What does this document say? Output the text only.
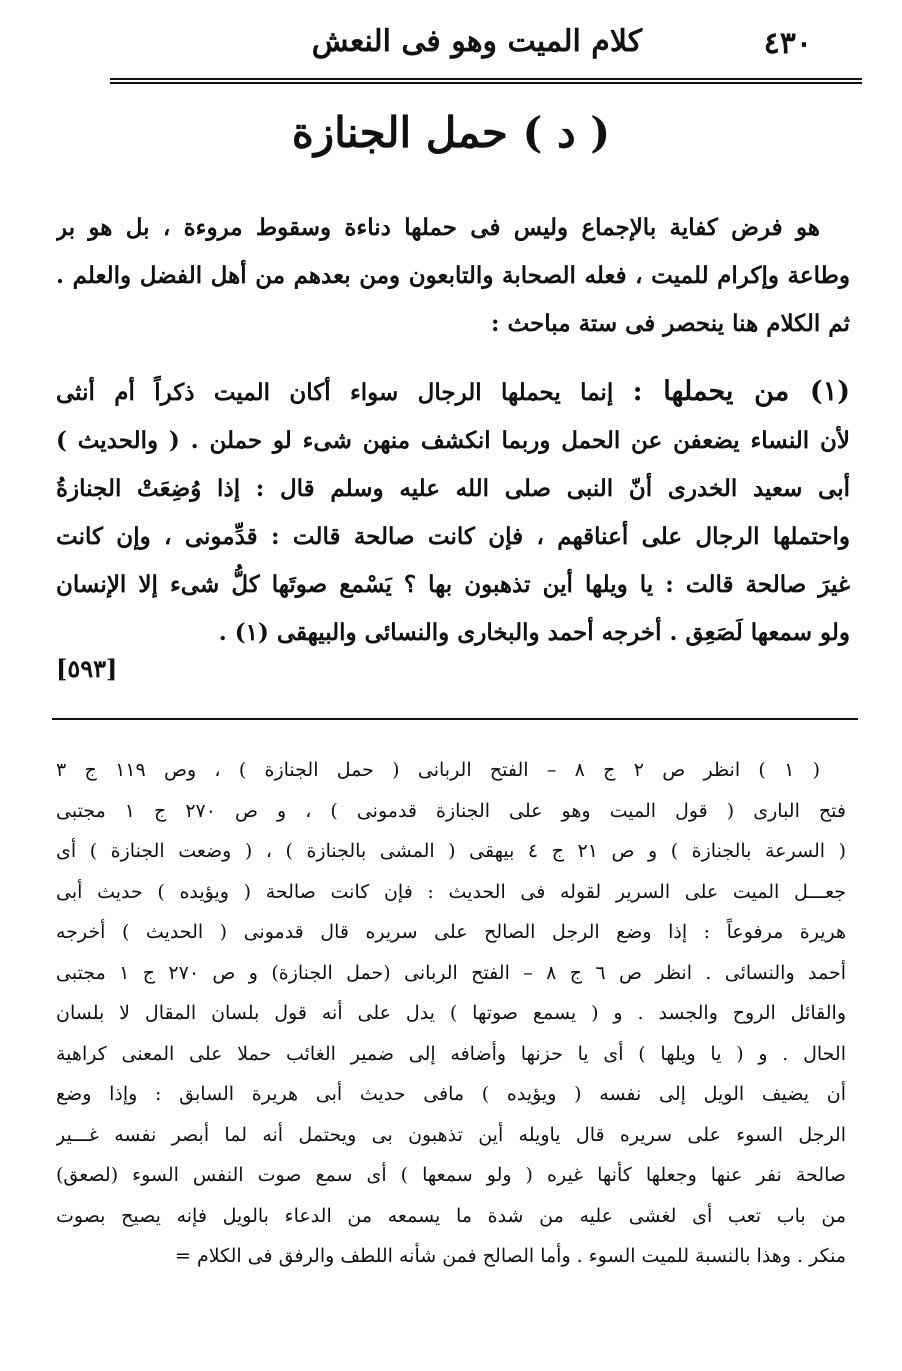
٤٣٠
كلام الميت وهو فى النعش
( د ) حمل الجنازة
هو فرض كفاية بالإجماع وليس فى حملها دناءة وسقوط مروءة ، بل هو بر
وطاعة وإكرام للميت ، فعله الصحابة والتابعون ومن بعدهم من أهل الفضل والعلم .
ثم الكلام هنا ينحصر فى ستة مباحث :
(١) من يحملها : إنما يحملها الرجال سواء أكان الميت ذكراً أم أنثى
لأن النساء يضعفن عن الحمل وربما انكشف منهن شىء لو حملن . ( والحديث )
أبى سعيد الخدرى أنّ النبى صلى الله عليه وسلم قال : إذا وُضِعَتْ الجنازةُ
واحتملها الرجال على أعناقهم ، فإن كانت صالحة قالت : قدِّمونى ، وإن كانت
غيرَ صالحة قالت : يا ويلها أين تذهبون بها ؟ يَسْمع صوتَها كلُّ شىء إلا الإنسان
ولو سمعها لَصَعِق . أخرجه أحمد والبخارى والنسائى والبيهقى (١) .
[٥٩٣]
( ١ ) انظر ص ٢ ج ٨ – الفتح الربانى ( حمل الجنازة ) ، وص ١١٩ ج ٣
فتح البارى ( قول الميت وهو على الجنازة قدمونى ) ، و ص ٢٧٠ ج ١ مجتبى
( السرعة بالجنازة ) و ص ٢١ ج ٤ بيهقى ( المشى بالجنازة ) ، ( وضعت الجنازة ) أى
جعـــل الميت على السرير لقوله فى الحديث : فإن كانت صالحة ( ويؤيده ) حديث أبى
هريرة مرفوعاً : إذا وضع الرجل الصالح على سريره قال قدمونى ( الحديث ) أخرجه
أحمد والنسائى . انظر ص ٦ ج ٨ – الفتح الربانى (حمل الجنازة) و ص ٢٧٠ ج ١ مجتبى
والقائل الروح والجسد . و ( يسمع صوتها ) يدل على أنه قول بلسان المقال لا بلسان
الحال . و ( يا ويلها ) أى يا حزنها وأضافه إلى ضمير الغائب حملا على المعنى كراهية
أن يضيف الويل إلى نفسه ( ويؤيده ) مافى حديث أبى هريرة السابق : وإذا وضع
الرجل السوء على سريره قال ياويله أين تذهبون بى ويحتمل أنه لما أبصر نفسه غـــير
صالحة نفر عنها وجعلها كأنها غيره ( ولو سمعها ) أى سمع صوت النفس السوء (لصعق)
من باب تعب أى لغشى عليه من شدة ما يسمعه من الدعاء بالويل فإنه يصيح بصوت
منكر . وهذا بالنسبة للميت السوء . وأما الصالح فمن شأنه اللطف والرفق فى الكلام =
